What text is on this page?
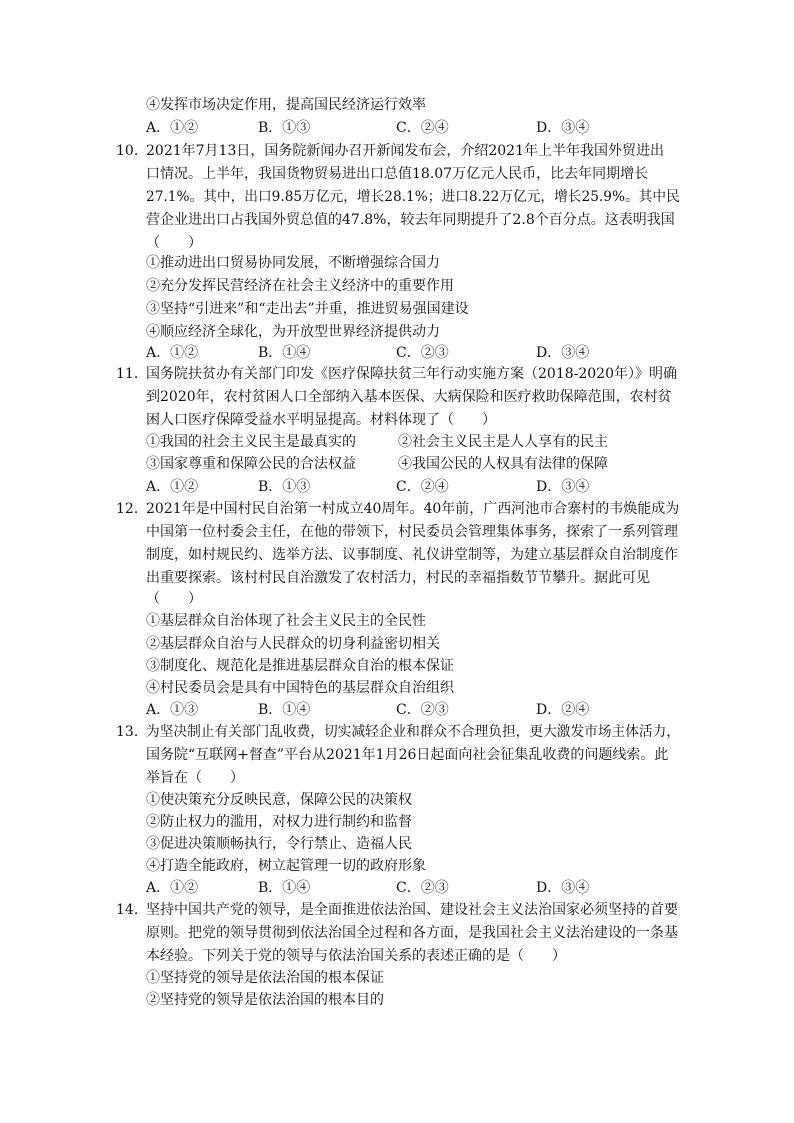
④发挥市场决定作用，提高国民经济运行效率
A．①②	B．①③	C．②④	D．③④
10．
2021年7月13日，国务院新闻办召开新闻发布会，介绍2021年上半年我国外贸进出
口情况。上半年，我国货物贸易进出口总值18.07万亿元人民币，比去年同期增长
27.1%。其中，出口9.85万亿元，增长28.1%；进口8.22万亿元，增长25.9%。其中民
营企业进出口占我国外贸总值的47.8%，较去年同期提升了2.8个百分点。这表明我国
（　　）
①推动进出口贸易协同发展，不断增强综合国力
②充分发挥民营经济在社会主义经济中的重要作用
③坚持“引进来”和“走出去”并重，推进贸易强国建设
④顺应经济全球化，为开放型世界经济提供动力
A．①②	B．①④	C．②③	D．③④
11．
国务院扶贫办有关部门印发《医疗保障扶贫三年行动实施方案（2018-2020年）》明确
到2020年，农村贫困人口全部纳入基本医保、大病保险和医疗救助保障范围，农村贫
困人口医疗保障受益水平明显提高。材料体现了（　　）
①我国的社会主义民主是最真实的	②社会主义民主是人人享有的民主
③国家尊重和保障公民的合法权益	④我国公民的人权具有法律的保障
A．①②	B．①③	C．②④	D．③④
12．
2021年是中国村民自治第一村成立40周年。40年前，广西河池市合寨村的韦焕能成为
中国第一位村委会主任，在他的带领下，村民委员会管理集体事务，探索了一系列管理
制度，如村规民约、选举方法、议事制度、礼仪讲堂制等，为建立基层群众自治制度作
出重要探索。该村村民自治激发了农村活力，村民的幸福指数节节攀升。据此可见
（　　）
①基层群众自治体现了社会主义民主的全民性
②基层群众自治与人民群众的切身利益密切相关
③制度化、规范化是推进基层群众自治的根本保证
④村民委员会是具有中国特色的基层群众自治组织
A．①③	B．①④	C．②③	D．②④
13．
为坚决制止有关部门乱收费，切实减轻企业和群众不合理负担，更大激发市场主体活力，
国务院“互联网+督查”平台从2021年1月26日起面向社会征集乱收费的问题线索。此
举旨在（　　）
①使决策充分反映民意，保障公民的决策权
②防止权力的滥用，对权力进行制约和监督
③促进决策顺畅执行，令行禁止、造福人民
④打造全能政府，树立起管理一切的政府形象
A．①②	B．①④	C．②③	D．③④
14．
坚持中国共产党的领导，是全面推进依法治国、建设社会主义法治国家必须坚持的首要
原则。把党的领导贯彻到依法治国全过程和各方面，是我国社会主义法治建设的一条基
本经验。下列关于党的领导与依法治国关系的表述正确的是（　　）
①坚持党的领导是依法治国的根本保证
②坚持党的领导是依法治国的根本目的
